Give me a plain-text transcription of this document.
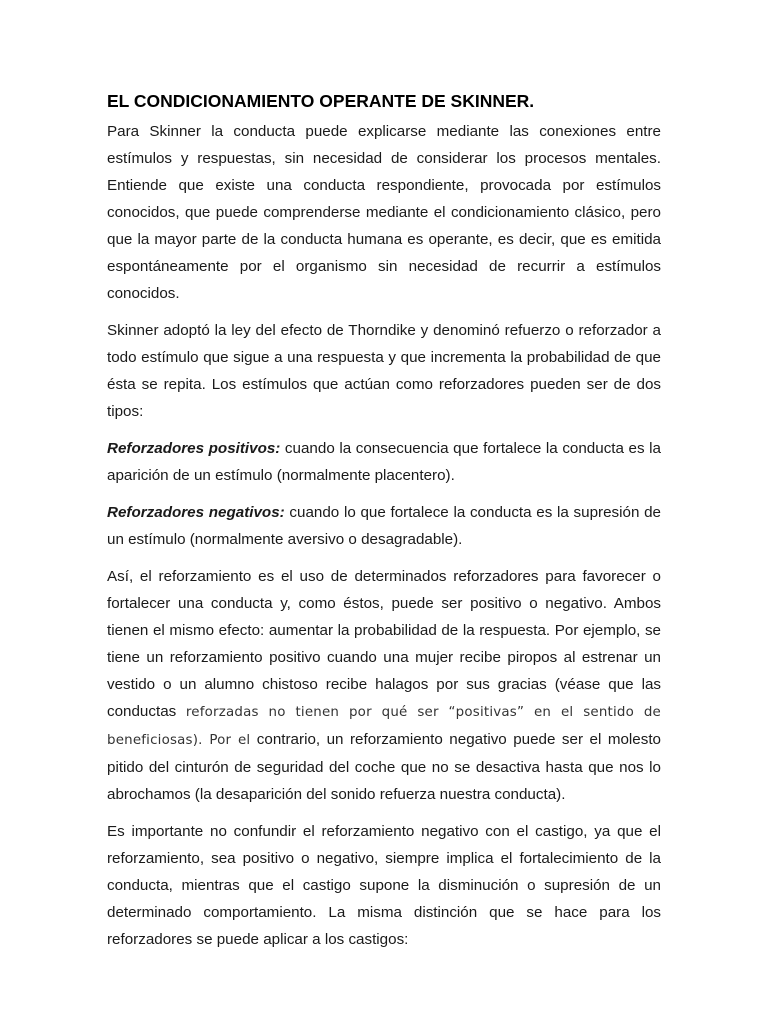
EL CONDICIONAMIENTO OPERANTE DE SKINNER.

Para Skinner la conducta puede explicarse mediante las conexiones entre estímulos y respuestas, sin necesidad de considerar los procesos mentales. Entiende que existe una conducta respondiente, provocada por estímulos conocidos, que puede comprenderse mediante el condicionamiento clásico, pero que la mayor parte de la conducta humana es operante, es decir, que es emitida espontáneamente por el organismo sin necesidad de recurrir a estímulos conocidos.

Skinner adoptó la ley del efecto de Thorndike y denominó refuerzo o reforzador a todo estímulo que sigue a una respuesta y que incrementa la probabilidad de que ésta se repita. Los estímulos que actúan como reforzadores pueden ser de dos tipos:

Reforzadores positivos: cuando la consecuencia que fortalece la conducta es la aparición de un estímulo (normalmente placentero).

Reforzadores negativos: cuando lo que fortalece la conducta es la supresión de un estímulo (normalmente aversivo o desagradable).

Así, el reforzamiento es el uso de determinados reforzadores para favorecer o fortalecer una conducta y, como éstos, puede ser positivo o negativo. Ambos tienen el mismo efecto: aumentar la probabilidad de la respuesta. Por ejemplo, se tiene un reforzamiento positivo cuando una mujer recibe piropos al estrenar un vestido o un alumno chistoso recibe halagos por sus gracias (véase que las conductas reforzadas no tienen por qué ser “positivas” en el sentido de beneficiosas). Por el contrario, un reforzamiento negativo puede ser el molesto pitido del cinturón de seguridad del coche que no se desactiva hasta que nos lo abrochamos (la desaparición del sonido refuerza nuestra conducta).

Es importante no confundir el reforzamiento negativo con el castigo, ya que el reforzamiento, sea positivo o negativo, siempre implica el fortalecimiento de la conducta, mientras que el castigo supone la disminución o supresión de un determinado comportamiento. La misma distinción que se hace para los reforzadores se puede aplicar a los castigos:
